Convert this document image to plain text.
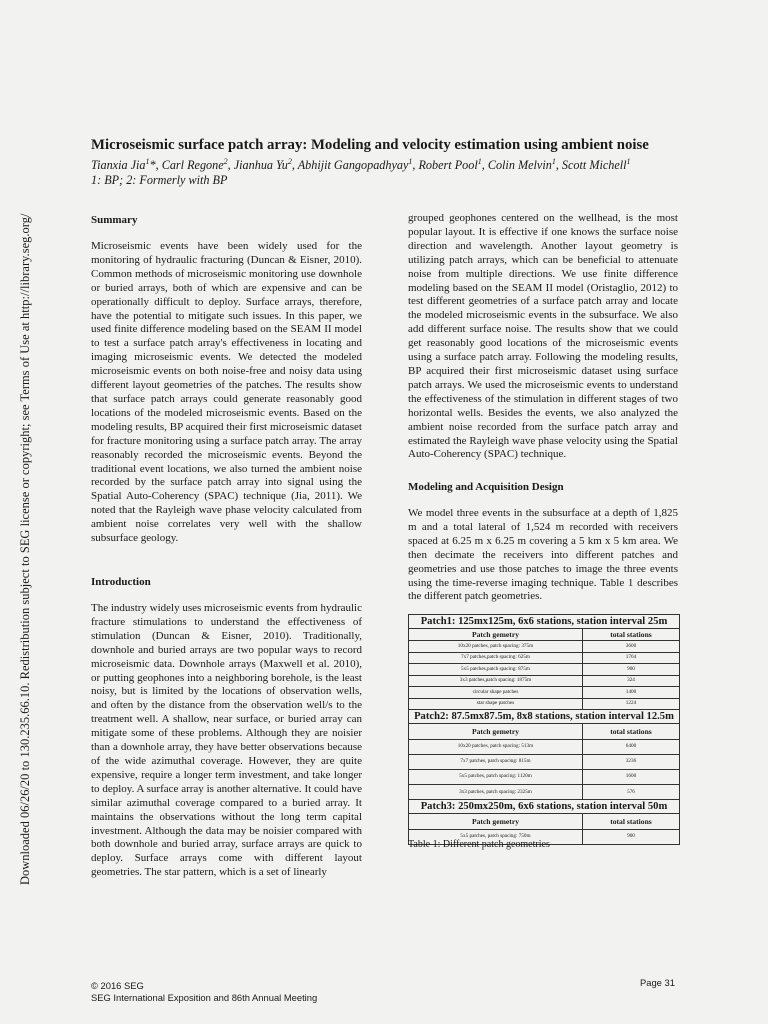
Downloaded 06/26/20 to 130.235.66.10. Redistribution subject to SEG license or copyright; see Terms of Use at http://library.seg.org/
Microseismic surface patch array: Modeling and velocity estimation using ambient noise
Tianxia Jia$^1$*, Carl Regone$^2$, Jianhua Yu$^2$, Abhijit Gangopadhyay$^1$, Robert Pool$^1$, Colin Melvin$^1$, Scott Michell$^1$
1: BP; 2: Formerly with BP
Summary

Microseismic events have been widely used for the monitoring of hydraulic fracturing (Duncan & Eisner, 2010). Common methods of microseismic monitoring use downhole or buried arrays, both of which are expensive and can be operationally difficult to deploy. Surface arrays, therefore, have the potential to mitigate such issues. In this paper, we used finite difference modeling based on the SEAM II model to test a surface patch array's effectiveness in locating and imaging microseismic events. We detected the modeled microseismic events on both noise-free and noisy data using different layout geometries of the patches. The results show that surface patch arrays could generate reasonably good locations of the modeled microseismic events. Based on the modeling results, BP acquired their first microseismic dataset for fracture monitoring using a surface patch array. The array reasonably recorded the microseismic events. Beyond the traditional event locations, we also turned the ambient noise recorded by the surface patch array into signal using the Spatial Auto-Coherency (SPAC) technique (Jia, 2011). We noted that the Rayleigh wave phase velocity calculated from ambient noise correlates very well with the shallow subsurface geology.

Introduction

The industry widely uses microseismic events from hydraulic fracture stimulations to understand the effectiveness of stimulation (Duncan & Eisner, 2010). Traditionally, downhole and buried arrays are two popular ways to record microseismic data. Downhole arrays (Maxwell et al. 2010), or putting geophones into a neighboring borehole, is the least noisy, but is limited by the locations of observation wells, and often by the distance from the observation well/s to the treatment well. A shallow, near surface, or buried array can mitigate some of these problems. Although they are noisier than a downhole array, they have better observations because of the wide azimuthal coverage. However, they are quite expensive, require a longer term investment, and take longer to deploy. A surface array is another alternative. It could have similar azimuthal coverage compared to a buried array. It maintains the observations without the long term capital investment. Although the data may be noisier compared with both downhole and buried array, surface arrays are quick to deploy. Surface arrays come with different layout geometries. The star pattern, which is a set of linearly

grouped geophones centered on the wellhead, is the most popular layout. It is effective if one knows the surface noise direction and wavelength. Another layout geometry is utilizing patch arrays, which can be beneficial to attenuate noise from multiple directions. We use finite difference modeling based on the SEAM II model (Oristaglio, 2012) to test different geometries of a surface patch array and locate the modeled microseismic events in the subsurface. We also add different surface noise. The results show that we could get reasonably good locations of the microseismic events using a surface patch array. Following the modeling results, BP acquired their first microseismic dataset using surface patch arrays. We used the microseismic events to understand the effectiveness of the stimulation in different stages of two horizontal wells. Besides the events, we also analyzed the ambient noise recorded from the surface patch array and estimated the Rayleigh wave phase velocity using the Spatial Auto-Coherency (SPAC) technique.

Modeling and Acquisition Design

We model three events in the subsurface at a depth of 1,825 m and a total lateral of 1,524 m recorded with receivers spaced at 6.25 m x 6.25 m covering a 5 km x 5 km area. We then decimate the receivers into different patches and geometries and use those patches to image the three events using the time-reverse imaging technique. Table 1 describes the different patch geometries.

Patch1: 125mx125m, 6x6 stations, station interval 25m	
Patch gemetry	total stations
10x20 patches, patch spacing: 375m	3600
7x7 patches,patch spacing: 625m	1764
5x5 patches,patch spacing: 875m	900
3x3 patches,patch spacing: 1875m	324
circular shape patches	1400
star shape patches	1224
Patch2: 87.5mx87.5m, 8x8 stations, station interval 12.5m	
Patch gemetry	total stations
10x20 patches, patch spacing: 513m	6400
7x7 patches, patch spacing: 815m	3236
5x5 patches, patch spacing: 1120m	1600
3x3 patches, patch spacing: 2325m	576
Patch3: 250mx250m, 6x6 stations, station interval 50m	
Patch gemetry	total stations
5x5 patches, patch spacing: 750m	900
Table 1: Different patch geometries
© 2016 SEG
SEG International Exposition and 86th Annual Meeting
Page 31
